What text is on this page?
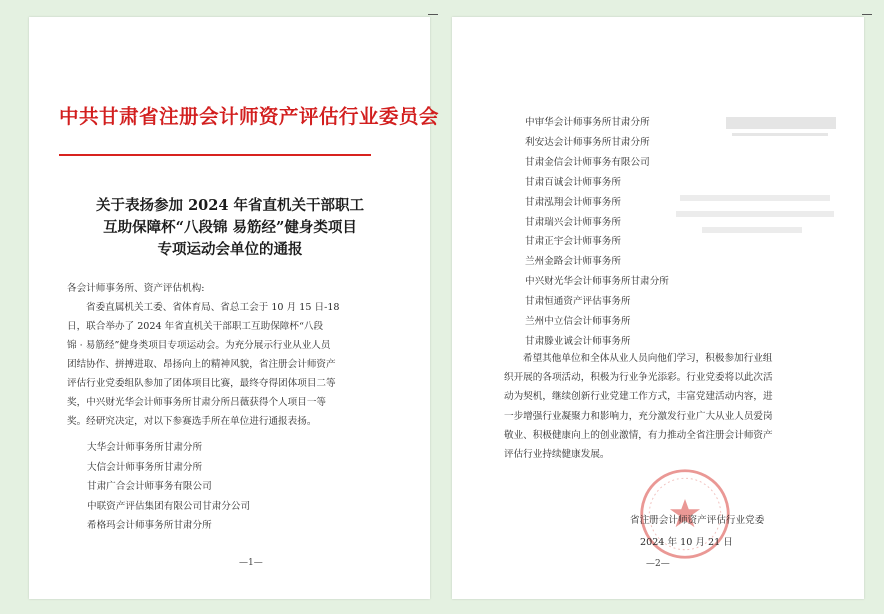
中共甘肃省注册会计师资产评估行业委员会
关于表扬参加 2024 年省直机关干部职工
互助保障杯“八段锦 易筋经”健身类项目
专项运动会单位的通报
各会计师事务所、资产评估机构:
省委直属机关工委、省体育局、省总工会于 10 月 15 日-18
日，联合举办了 2024 年省直机关干部职工互助保障杯“八段
锦 · 易筋经”健身类项目专项运动会。为充分展示行业从业人员
团结协作、拼搏进取、昂扬向上的精神风貌，省注册会计师资产
评估行业党委组队参加了团体项目比赛，最终夺得团体项目二等
奖，中兴财光华会计师事务所甘肃分所吕薇获得个人项目一等
奖。经研究决定，对以下参赛选手所在单位进行通报表扬。
大华会计师事务所甘肃分所
大信会计师事务所甘肃分所
甘肃广合会计师事务有限公司
中联资产评估集团有限公司甘肃分公司
希格玛会计师事务所甘肃分所
—1—
中审华会计师事务所甘肃分所
利安达会计师事务所甘肃分所
甘肃金信会计师事务有限公司
甘肃百诚会计师事务所
甘肃泓翔会计师事务所
甘肃瑞兴会计师事务所
甘肃正宇会计师事务所
兰州金路会计师事务所
中兴财光华会计师事务所甘肃分所
甘肃恒通资产评估事务所
兰州中立信会计师事务所
甘肃滕业诚会计师事务所
希望其他单位和全体从业人员向他们学习，积极参加行业组
织开展的各项活动，积极为行业争光添彩。行业党委将以此次活
动为契机，继续创新行业党建工作方式，丰富党建活动内容，进
一步增强行业凝聚力和影响力，充分激发行业广大从业人员爱岗
敬业、积极健康向上的创业激情，有力推动全省注册会计师资产
评估行业持续健康发展。
省注册会计师资产评估行业党委
2024 年 10 月 21 日
—2—
